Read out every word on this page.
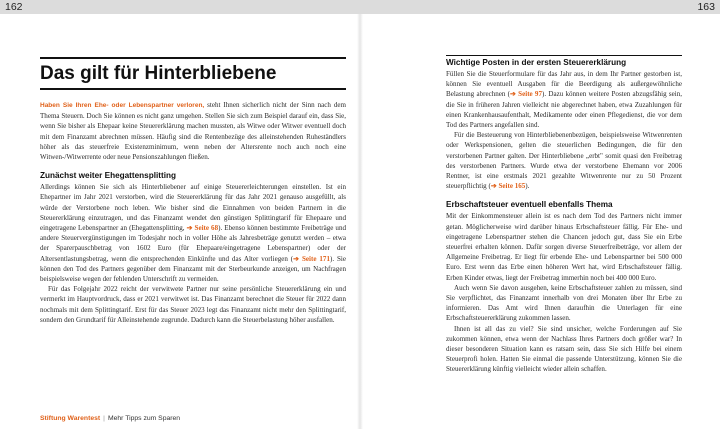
162	163
Das gilt für Hinterbliebene

Haben Sie Ihren Ehe- oder Lebenspartner verloren, steht Ihnen sicherlich nicht der Sinn nach dem Thema Steuern. Doch Sie können es nicht ganz umgehen. Stellen Sie sich zum Beispiel darauf ein, dass Sie, wenn Sie bisher als Ehepaar keine Steuererklärung machen mussten, als Witwe oder Witwer eventuell doch mit dem Finanzamt abrechnen müssen. Häufig sind die Rentenbezüge des alleinstehenden Ruheständlers höher als das steuerfreie Existenzminimum, wenn neben der Altersrente noch auch noch eine Witwen-/Witwerrente oder neue Pensionszahlungen fließen.

Zunächst weiter Ehegattensplitting

Allerdings können Sie sich als Hinterbliebener auf einige Steuererleichterungen einstellen. Ist ein Ehepartner im Jahr 2021 verstorben, wird die Steuererklärung für das Jahr 2021 genauso ausgefüllt, als würde der Verstorbene noch leben. Wie bisher sind die Einnahmen von beiden Partnern in die Steuererklärung einzutragen, und das Finanzamt wendet den günstigen Splittingtarif für Ehepaare und eingetragene Lebenspartner an (Ehegattensplitting, ➔ Seite 68). Ebenso können bestimmte Freibeträge und andere Steuervergünstigungen im Todesjahr noch in voller Höhe als Jahresbeträge genutzt werden – etwa der Sparerpauschbetrag von 1602 Euro (für Ehepaare/eingetragene Lebenspartner) oder der Altersentlastungsbetrag, wenn die entsprechenden Einkünfte und das Alter vorliegen (➔ Seite 171). Sie können den Tod des Partners gegenüber dem Finanzamt mit der Sterbeurkunde anzeigen, um Nachfragen beispielsweise wegen der fehlenden Unterschrift zu vermeiden.

Für das Folgejahr 2022 reicht der verwitwete Partner nur seine persönliche Steuererklärung ein und vermerkt im Hauptvordruck, dass er 2021 verwitwet ist. Das Finanzamt berechnet die Steuer für 2022 dann nochmals mit dem Splittingtarif. Erst für das Steuer 2023 legt das Finanzamt nicht mehr den Splittingtarif, sondern den Grundtarif für Alleinstehende zugrunde. Dadurch kann die Steuerbelastung höher ausfallen.

Wichtige Posten in der ersten Steuererklärung

Füllen Sie die Steuerformulare für das Jahr aus, in dem Ihr Partner gestorben ist, können Sie eventuell Ausgaben für die Beerdigung als außergewöhnliche Belastung abrechnen (➔ Seite 97). Dazu können weitere Posten abzugsfähig sein, die Sie in früheren Jahren vielleicht nie abgerechnet haben, etwa Zuzahlungen für einen Krankenhausaufenthalt, Medikamente oder einen Pflegedienst, die vor dem Tod des Partners angefallen sind.

Für die Besteuerung von Hinterbliebenenbezügen, beispielsweise Witwenrenten oder Werkspensionen, gelten die steuerlichen Bedingungen, die für den verstorbenen Partner galten. Der Hinterbliebene „erbt" somit quasi den Freibetrag des verstorbenen Partners. Wurde etwa der verstorbene Ehemann vor 2006 Rentner, ist eine erstmals 2021 gezahlte Witwenrente nur zu 50 Prozent steuerpflichtig (➔ Seite 165).

Erbschaftsteuer eventuell ebenfalls Thema

Mit der Einkommensteuer allein ist es nach dem Tod des Partners nicht immer getan. Möglicherweise wird darüber hinaus Erbschaftsteuer fällig. Für Ehe- und eingetragene Lebenspartner stehen die Chancen jedoch gut, dass Sie ein Erbe steuerfrei erhalten können. Dafür sorgen diverse Steuerfreibeträge, vor allem der Allgemeine Freibetrag. Er liegt für erbende Ehe- und Lebenspartner bei 500 000 Euro. Erst wenn das Erbe einen höheren Wert hat, wird Erbschaftsteuer fällig. Erben Kinder etwas, liegt der Freibetrag immerhin noch bei 400 000 Euro.

Auch wenn Sie davon ausgehen, keine Erbschaftsteuer zahlen zu müssen, sind Sie verpflichtet, das Finanzamt innerhalb von drei Monaten über Ihr Erbe zu informieren. Das Amt wird Ihnen daraufhin die Unterlagen für eine Erbschaftsteuererklärung zukommen lassen.

Ihnen ist all das zu viel? Sie sind unsicher, welche Forderungen auf Sie zukommen können, etwa wenn der Nachlass Ihres Partners doch größer war? In dieser besonderen Situation kann es ratsam sein, dass Sie sich Hilfe bei einem Steuerprofi holen. Hatten Sie einmal die passende Unterstützung, können Sie die Steuererklärung künftig vielleicht wieder allein schaffen.

Stiftung Warentest | Mehr Tipps zum Sparen
